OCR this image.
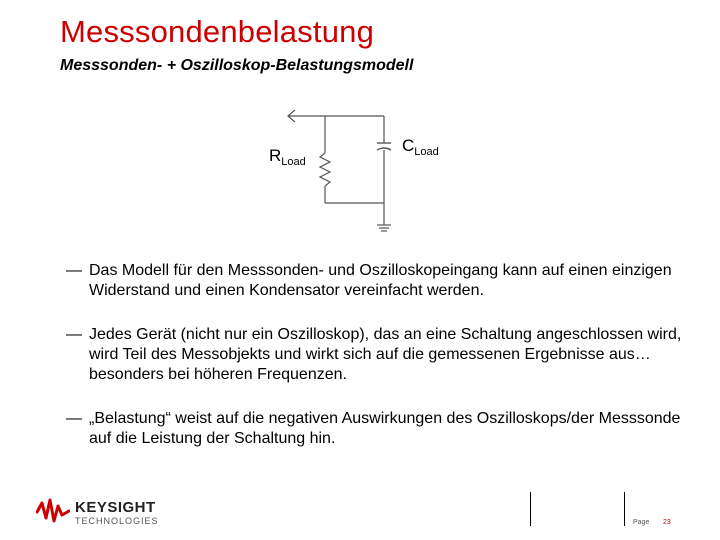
Messsondenbelastung
Messsonden- + Oszilloskop-Belastungsmodell
$R_{Load}$
$C_{Load}$
— Das Modell für den Messsonden- und Oszilloskopeingang kann auf einen einzigen Widerstand und einen Kondensator vereinfacht werden.
— Jedes Gerät (nicht nur ein Oszilloskop), das an eine Schaltung angeschlossen wird, wird Teil des Messobjekts und wirkt sich auf die gemessenen Ergebnisse aus… besonders bei höheren Frequenzen.
— „Belastung“ weist auf die negativen Auswirkungen des Oszilloskops/der Messsonde auf die Leistung der Schaltung hin.
KEYSIGHT
TECHNOLOGIES	Page 23
